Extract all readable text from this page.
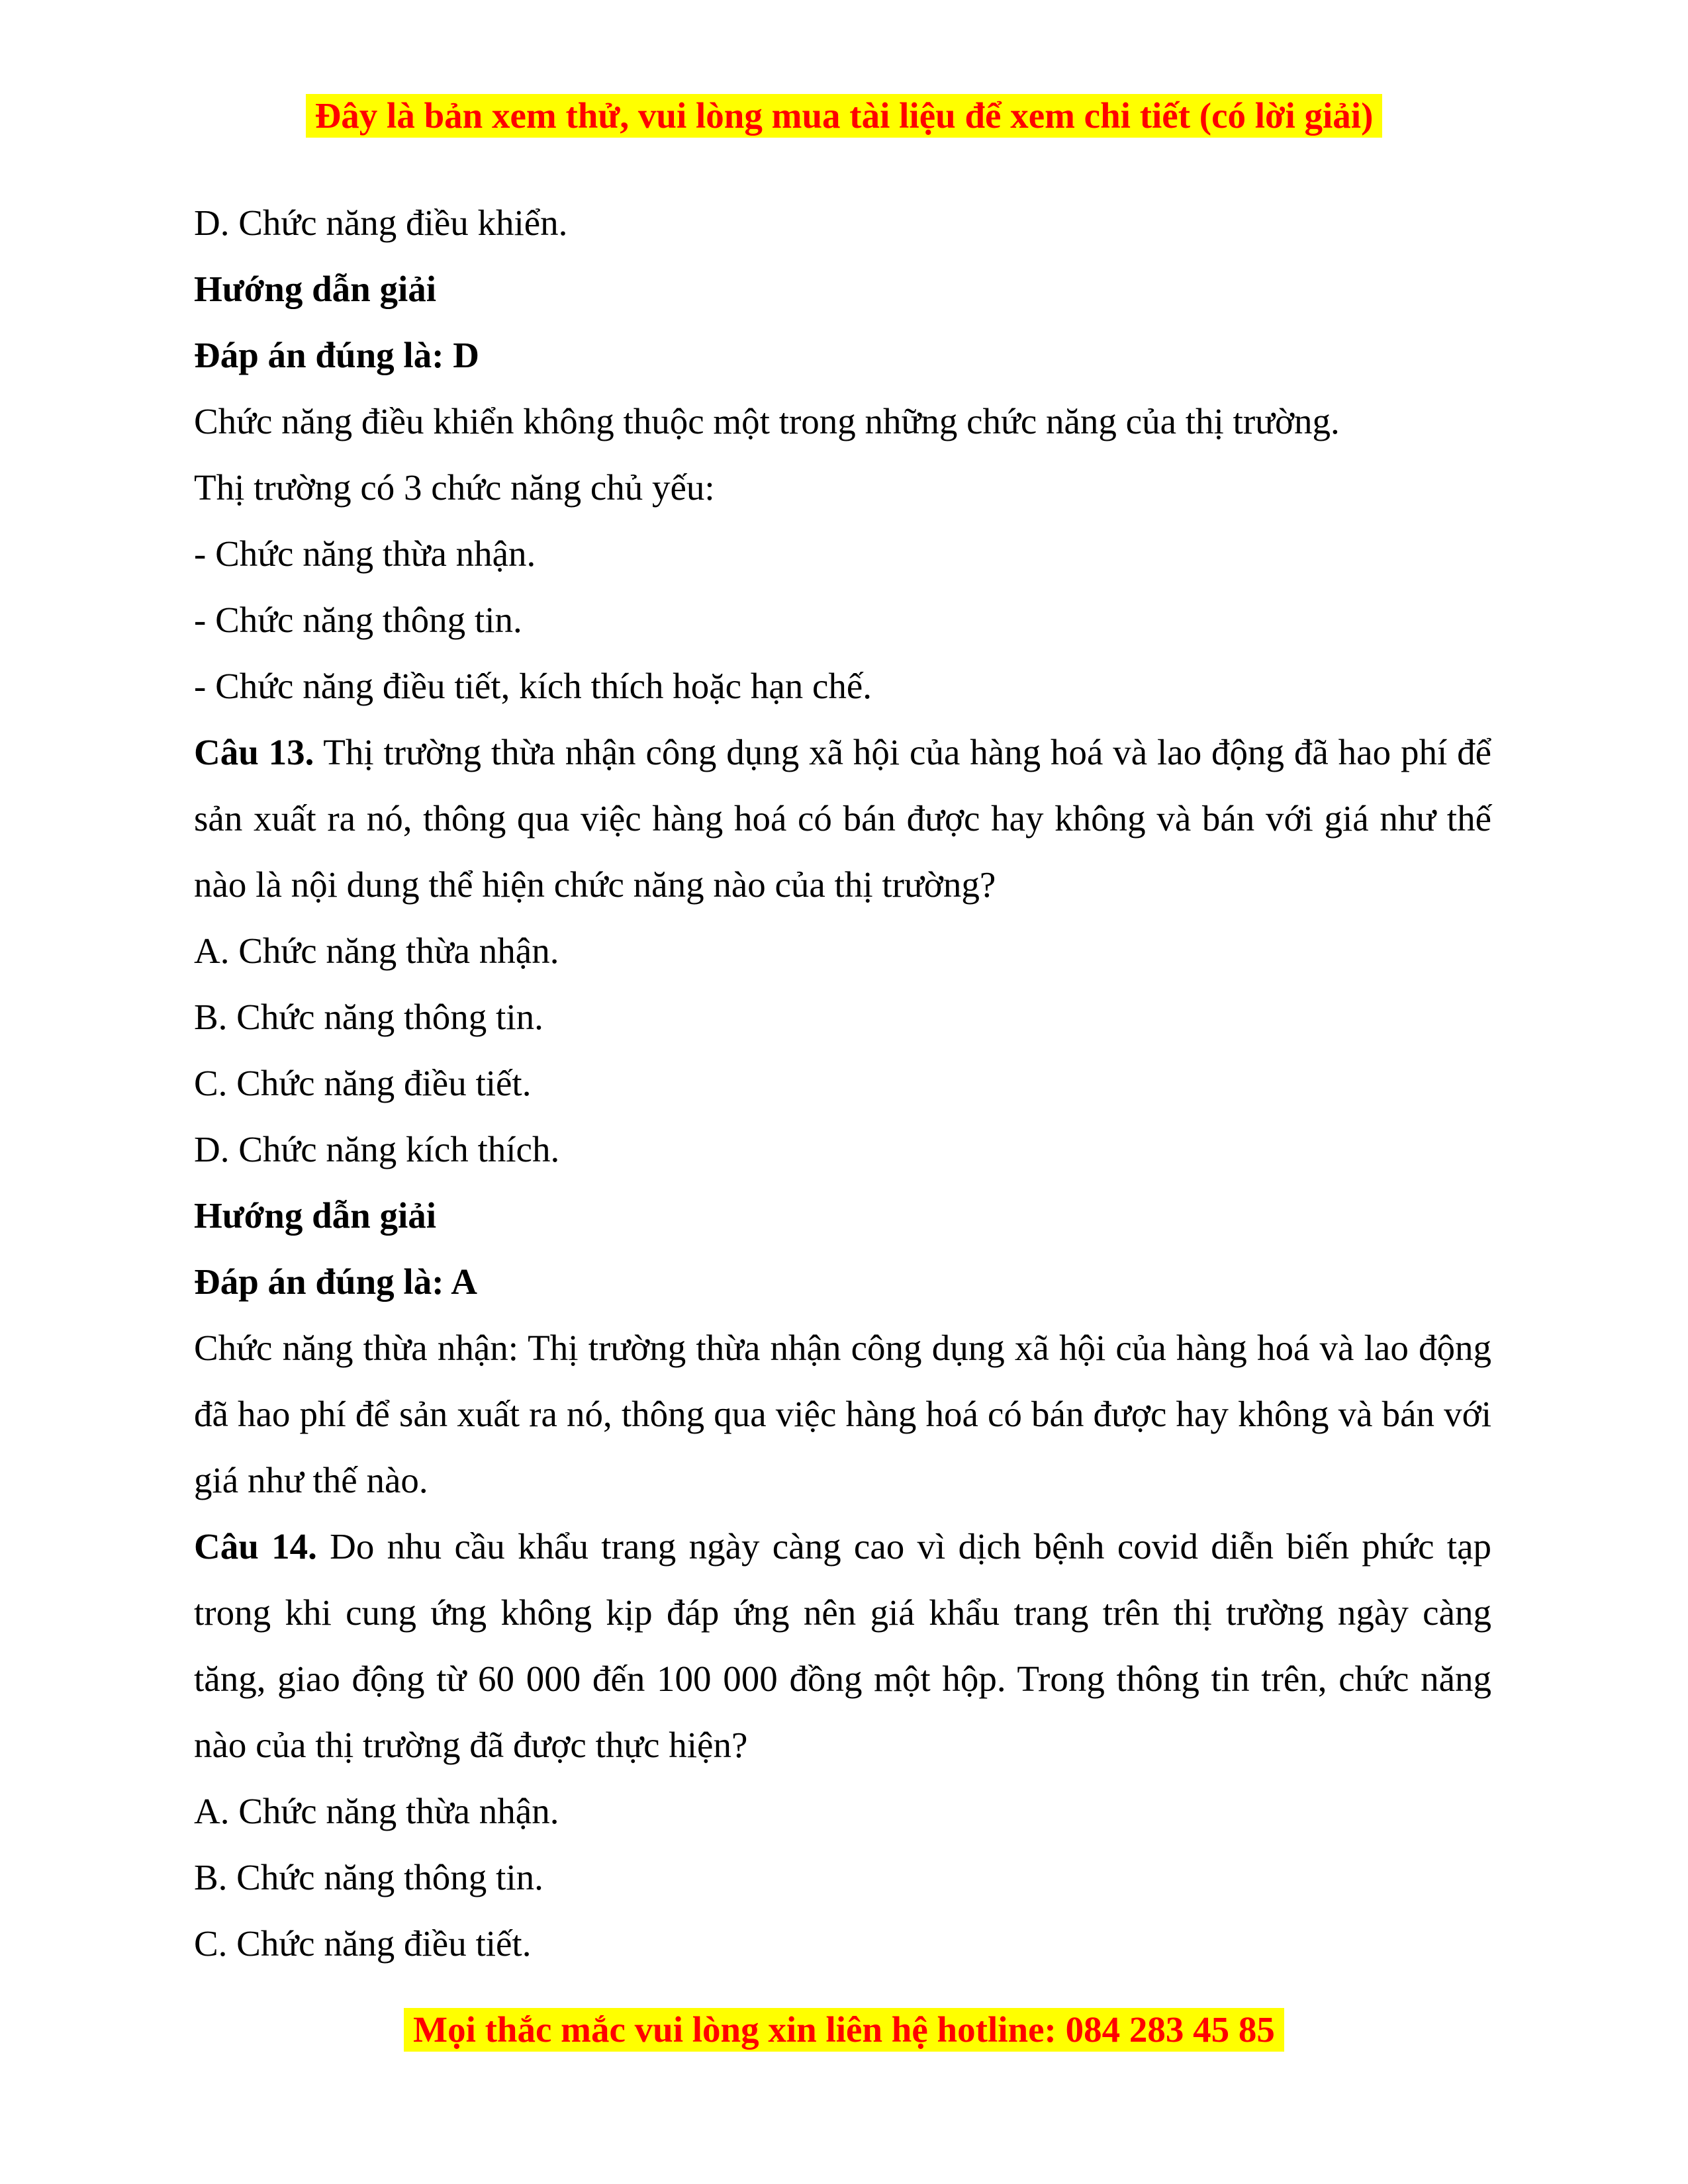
Đây là bản xem thử, vui lòng mua tài liệu để xem chi tiết (có lời giải)

D. Chức năng điều khiển.

Hướng dẫn giải

Đáp án đúng là: D

Chức năng điều khiển không thuộc một trong những chức năng của thị trường.

Thị trường có 3 chức năng chủ yếu:

- Chức năng thừa nhận.

- Chức năng thông tin.

- Chức năng điều tiết, kích thích hoặc hạn chế.

Câu 13. Thị trường thừa nhận công dụng xã hội của hàng hoá và lao động đã hao phí để sản xuất ra nó, thông qua việc hàng hoá có bán được hay không và bán với giá như thế nào là nội dung thể hiện chức năng nào của thị trường?

A. Chức năng thừa nhận.

B. Chức năng thông tin.

C. Chức năng điều tiết.

D. Chức năng kích thích.

Hướng dẫn giải

Đáp án đúng là: A

Chức năng thừa nhận: Thị trường thừa nhận công dụng xã hội của hàng hoá và lao động đã hao phí để sản xuất ra nó, thông qua việc hàng hoá có bán được hay không và bán với giá như thế nào.

Câu 14. Do nhu cầu khẩu trang ngày càng cao vì dịch bệnh covid diễn biến phức tạp trong khi cung ứng không kịp đáp ứng nên giá khẩu trang trên thị trường ngày càng tăng, giao động từ 60 000 đến 100 000 đồng một hộp. Trong thông tin trên, chức năng nào của thị trường đã được thực hiện?

A. Chức năng thừa nhận.

B. Chức năng thông tin.

C. Chức năng điều tiết.

Mọi thắc mắc vui lòng xin liên hệ hotline: 084 283 45 85
